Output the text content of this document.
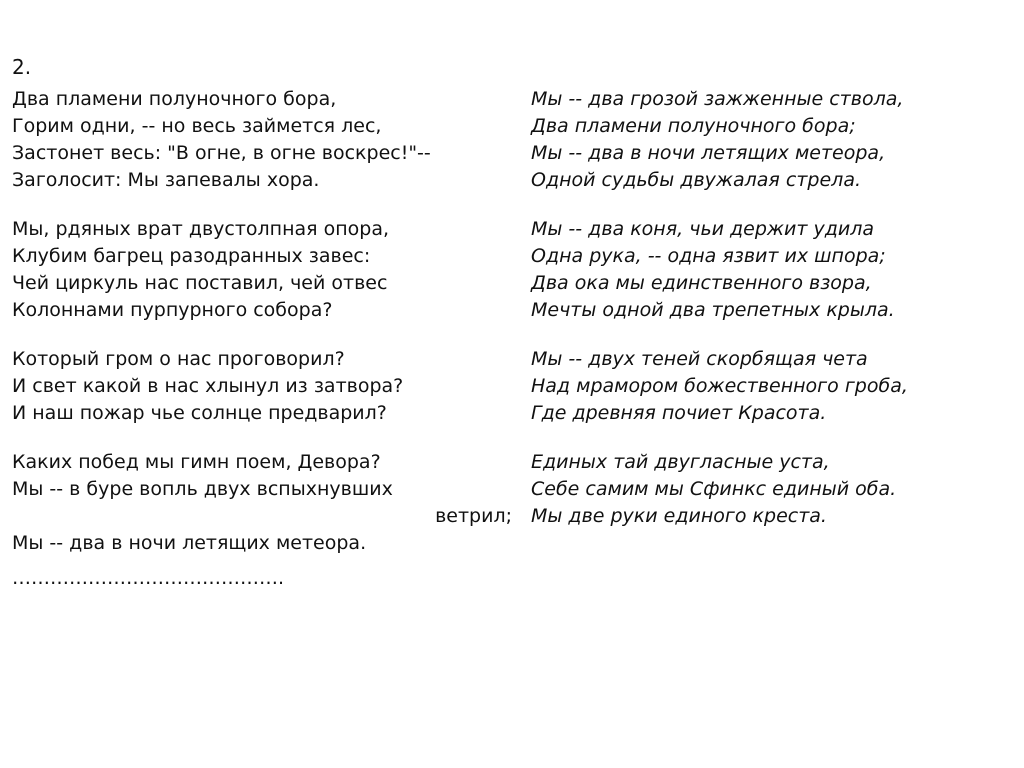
2.
Два пламени полуночного бора,
Горим одни, -- но весь займется лес,
Застонет весь: "В огне, в огне воскрес!"--
Заголосит: Мы запевалы хора.
Мы, рдяных врат двустолпная опора,
Клубим багрец разодранных завес:
Чей циркуль нас поставил, чей отвес
Колоннами пурпурного собора?
Который гром о нас проговорил?
И свет какой в нас хлынул из затвора?
И наш пожар чье солнце предварил?
Каких побед мы гимн поем, Девора?
Мы -- в буре вопль двух вспыхнувших
ветрил;
Мы -- два в ночи летящих метеора.
…………………………………….
Мы -- два грозой зажженные ствола,
Два пламени полуночного бора;
Мы -- два в ночи летящих метеора,
Одной судьбы двужалая стрела.
Мы -- два коня, чьи держит удила
Одна рука, -- одна язвит их шпора;
Два ока мы единственного взора,
Мечты одной два трепетных крыла.
Мы -- двух теней скорбящая чета
Над мрамором божественного гроба,
Где древняя почиет Красота.
Единых тай двугласные уста,
Себе самим мы Сфинкс единый оба.
Мы две руки единого креста.
